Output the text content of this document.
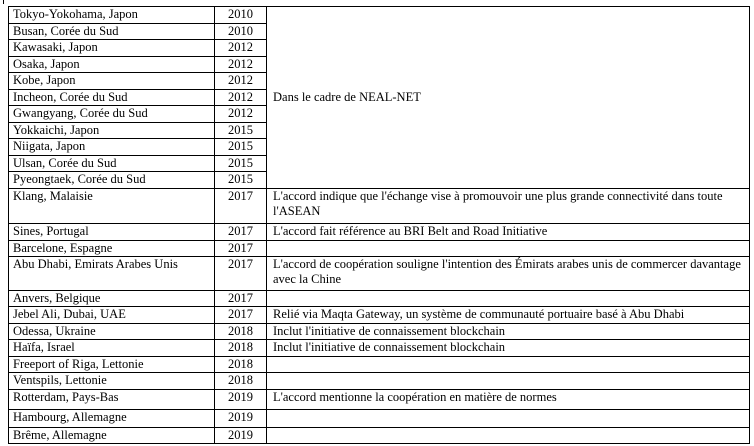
Tokyo-Yokohama, Japon	2010	Dans le cadre de NEAL-NET
Busan, Corée du Sud	2010	
Kawasaki, Japon	2012	
Osaka, Japon	2012	
Kobe, Japon	2012	
Incheon, Corée du Sud	2012	
Gwangyang, Corée du Sud	2012	
Yokkaichi, Japon	2015	
Niigata, Japon	2015	
Ulsan, Corée du Sud	2015	
Pyeongtaek, Corée du Sud	2015	
Klang, Malaisie	2017	L'accord indique que l'échange vise à promouvoir une plus grande connectivité dans toute l'ASEAN
Sines, Portugal	2017	L'accord fait référence au BRI Belt and Road Initiative
Barcelone, Espagne	2017	
Abu Dhabi, Emirats Arabes Unis	2017	L'accord de coopération souligne l'intention des Émirats arabes unis de commercer davantage avec la Chine
Anvers, Belgique	2017	
Jebel Ali, Dubai, UAE	2017	Relié via Maqta Gateway, un système de communauté portuaire basé à Abu Dhabi
Odessa, Ukraine	2018	Inclut l'initiative de connaissement blockchain
Haïfa, Israel	2018	Inclut l'initiative de connaissement blockchain
Freeport of Riga, Lettonie	2018	
Ventspils, Lettonie	2018	
Rotterdam, Pays-Bas	2019	L'accord mentionne la coopération en matière de normes
Hambourg, Allemagne	2019	
Brême, Allemagne	2019	
